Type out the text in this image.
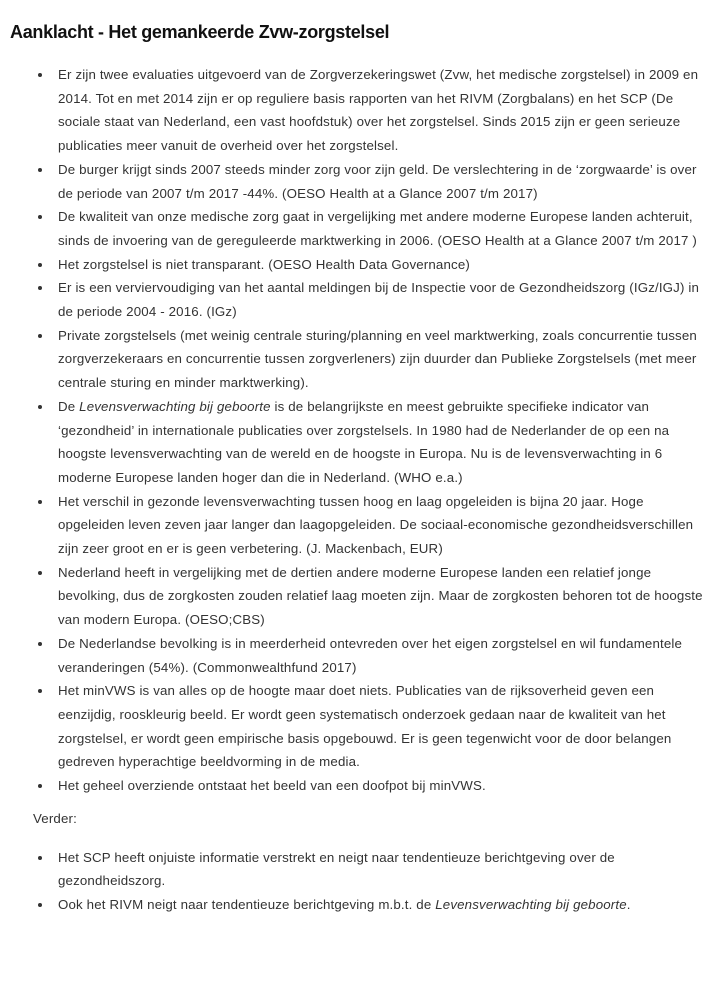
Aanklacht - Het gemankeerde Zvw-zorgstelsel
Er zijn twee evaluaties uitgevoerd van de Zorgverzekeringswet (Zvw, het medische zorgstelsel) in 2009 en 2014. Tot en met 2014 zijn er op reguliere basis rapporten van het RIVM (Zorgbalans) en het SCP (De sociale staat van Nederland, een vast hoofdstuk) over het zorgstelsel. Sinds 2015 zijn er geen serieuze publicaties meer vanuit de overheid over het zorgstelsel.
De burger krijgt sinds 2007 steeds minder zorg voor zijn geld. De verslechtering in de ‘zorgwaarde’ is over de periode van 2007 t/m 2017 -44%. (OESO Health at a Glance 2007 t/m 2017)
De kwaliteit van onze medische zorg gaat in vergelijking met andere moderne Europese landen achteruit, sinds de invoering van de gereguleerde marktwerking in 2006. (OESO Health at a Glance 2007 t/m 2017 )
Het zorgstelsel is niet transparant. (OESO Health Data Governance)
Er is een verviervoudiging van het aantal meldingen bij de Inspectie voor de Gezondheidszorg (IGz/IGJ) in de periode 2004 - 2016. (IGz)
Private zorgstelsels (met weinig centrale sturing/planning en veel marktwerking, zoals concurrentie tussen zorgverzekeraars en concurrentie tussen zorgverleners) zijn duurder dan Publieke Zorgstelsels (met meer centrale sturing en minder marktwerking).
De Levensverwachting bij geboorte is de belangrijkste en meest gebruikte specifieke indicator van ‘gezondheid’ in internationale publicaties over zorgstelsels. In 1980 had de Nederlander de op een na hoogste levensverwachting van de wereld en de hoogste in Europa. Nu is de levensverwachting in 6 moderne Europese landen hoger dan die in Nederland. (WHO e.a.)
Het verschil in gezonde levensverwachting tussen hoog en laag opgeleiden is bijna 20 jaar. Hoge opgeleiden leven zeven jaar langer dan laagopgeleiden. De sociaal-economische gezondheidsverschillen zijn zeer groot en er is geen verbetering. (J. Mackenbach, EUR)
Nederland heeft in vergelijking met de dertien andere moderne Europese landen een relatief jonge bevolking, dus de zorgkosten zouden relatief laag moeten zijn. Maar de zorgkosten behoren tot de hoogste van modern Europa. (OESO;CBS)
De Nederlandse bevolking is in meerderheid ontevreden over het eigen zorgstelsel en wil fundamentele veranderingen (54%). (Commonwealthfund 2017)
Het minVWS is van alles op de hoogte maar doet niets. Publicaties van de rijksoverheid geven een eenzijdig, rooskleurig beeld. Er wordt geen systematisch onderzoek gedaan naar de kwaliteit van het  zorgstelsel, er wordt geen empirische basis opgebouwd. Er is geen tegenwicht voor de door belangen gedreven hyperachtige beeldvorming in de media.
Het geheel overziende ontstaat het beeld van een doofpot bij minVWS.

Verder:

Het SCP heeft onjuiste informatie verstrekt en neigt naar tendentieuze berichtgeving over de gezondheidszorg.
Ook het RIVM neigt naar tendentieuze berichtgeving m.b.t. de Levensverwachting bij geboorte.
